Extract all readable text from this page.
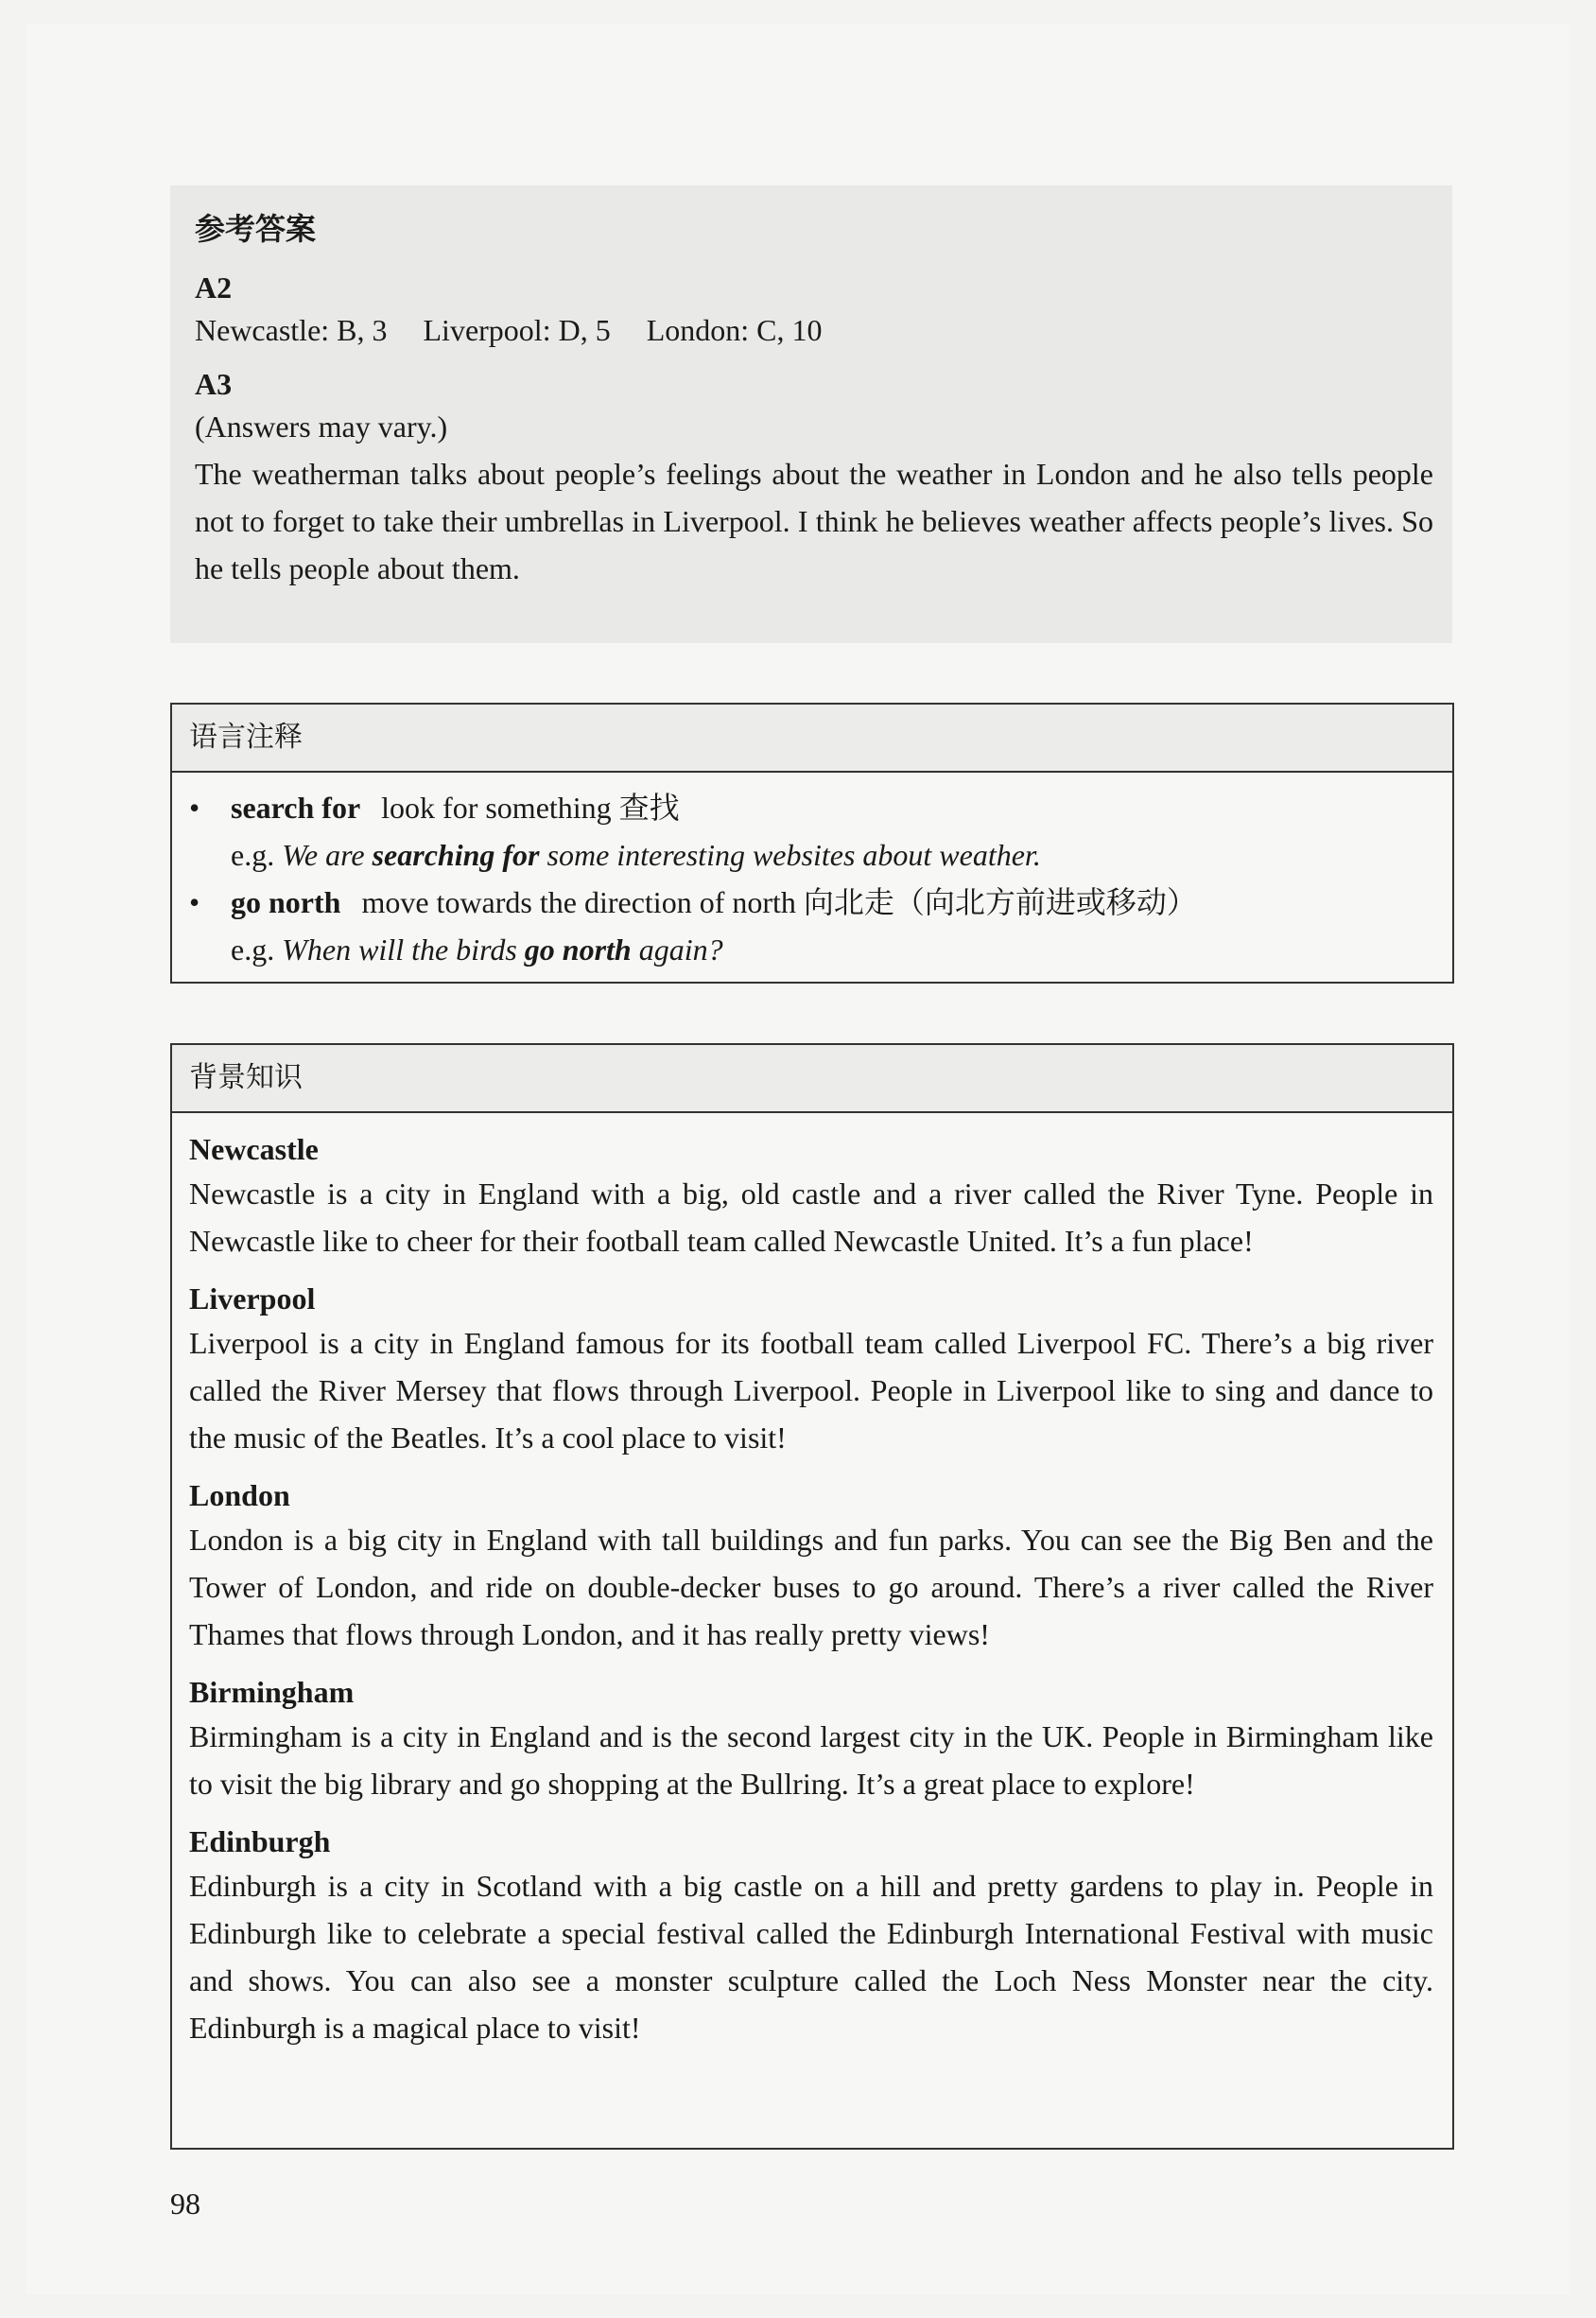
参考答案
A2

Newcastle: B, 3 Liverpool: D, 5 London: C, 10

A3

(Answers may vary.)

The weatherman talks about people’s feelings about the weather in London and he also tells people not to forget to take their umbrellas in Liverpool. I think he believes weather affects people’s lives. So he tells people about them.

语言注释
• search for look for something 查找
e.g. We are searching for some interesting websites about weather.
• go north move towards the direction of north 向北走（向北方前进或移动）
e.g. When will the birds go north again?
背景知识
Newcastle

Newcastle is a city in England with a big, old castle and a river called the River Tyne. People in Newcastle like to cheer for their football team called Newcastle United. It’s a fun place!

Liverpool

Liverpool is a city in England famous for its football team called Liverpool FC. There’s a big river called the River Mersey that flows through Liverpool. People in Liverpool like to sing and dance to the music of the Beatles. It’s a cool place to visit!

London

London is a big city in England with tall buildings and fun parks. You can see the Big Ben and the Tower of London, and ride on double-decker buses to go around. There’s a river called the River Thames that flows through London, and it has really pretty views!

Birmingham

Birmingham is a city in England and is the second largest city in the UK. People in Birmingham like to visit the big library and go shopping at the Bullring. It’s a great place to explore!

Edinburgh

Edinburgh is a city in Scotland with a big castle on a hill and pretty gardens to play in. People in Edinburgh like to celebrate a special festival called the Edinburgh International Festival with music and shows. You can also see a monster sculpture called the Loch Ness Monster near the city. Edinburgh is a magical place to visit!

98
